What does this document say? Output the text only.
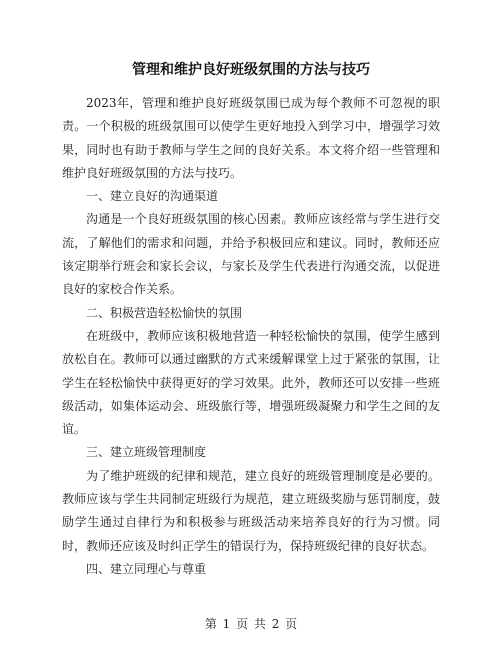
管理和维护良好班级氛围的方法与技巧

2023年，管理和维护良好班级氛围已成为每个教师不可忽视的职责。一个积极的班级氛围可以使学生更好地投入到学习中，增强学习效果，同时也有助于教师与学生之间的良好关系。本文将介绍一些管理和维护良好班级氛围的方法与技巧。

一、建立良好的沟通渠道

沟通是一个良好班级氛围的核心因素。教师应该经常与学生进行交流，了解他们的需求和问题，并给予积极回应和建议。同时，教师还应该定期举行班会和家长会议，与家长及学生代表进行沟通交流，以促进良好的家校合作关系。

二、积极营造轻松愉快的氛围

在班级中，教师应该积极地营造一种轻松愉快的氛围，使学生感到放松自在。教师可以通过幽默的方式来缓解课堂上过于紧张的氛围，让学生在轻松愉快中获得更好的学习效果。此外，教师还可以安排一些班级活动，如集体运动会、班级旅行等，增强班级凝聚力和学生之间的友谊。

三、建立班级管理制度

为了维护班级的纪律和规范，建立良好的班级管理制度是必要的。教师应该与学生共同制定班级行为规范，建立班级奖励与惩罚制度，鼓励学生通过自律行为和积极参与班级活动来培养良好的行为习惯。同时，教师还应该及时纠正学生的错误行为，保持班级纪律的良好状态。

四、建立同理心与尊重

第 1 页 共 2 页
